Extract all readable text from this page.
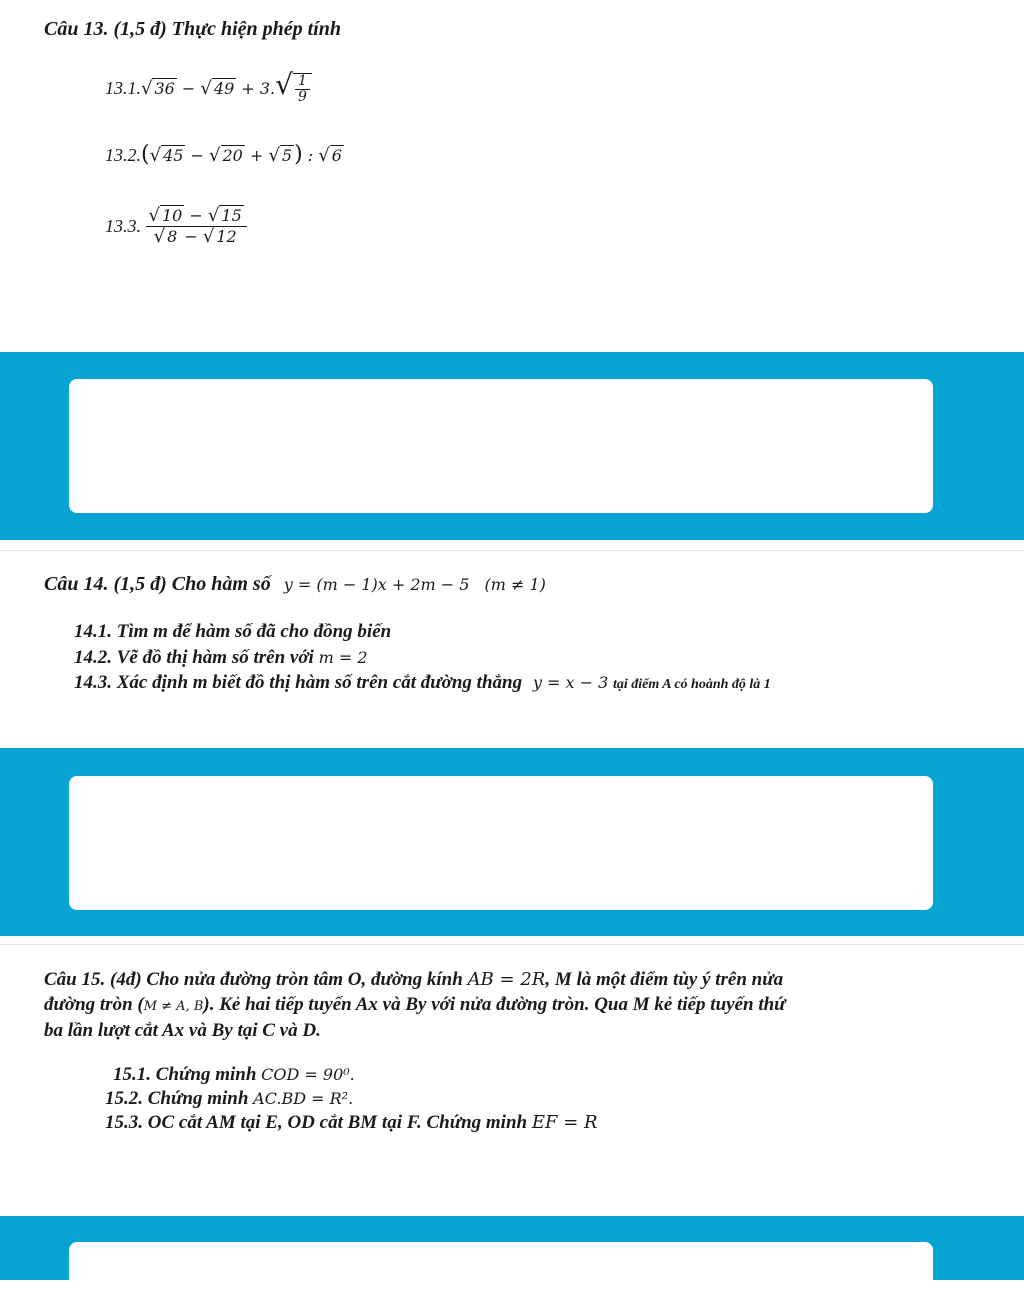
Câu 13. (1,5 đ) Thực hiện phép tính
13.1.√ 36 − √ $49 + 3.√ \frac{1}{9}$
13.2.(√ 45 − √ 20 + √ 5) : √ 6
13.3. $\frac{√ 10 - √ 15}{√ 8 - √ 12}$
Câu 14. (1,5 đ) Cho hàm số y = (m − 1)x + 2m − 5 (m ≠ 1)
14.1. Tìm m để hàm số đã cho đồng biến
14.2. Vẽ đồ thị hàm số trên với m = 2
14.3. Xác định m biết đồ thị hàm số trên cắt đường thẳng y = x − 3 tại điểm A có hoành độ là 1
Câu 15. (4đ) Cho nửa đường tròn tâm O, đường kính AB = 2R, M là một điểm tùy ý trên nửa
đường tròn (M ≠ A, B). Kẻ hai tiếp tuyến Ax và By với nửa đường tròn. Qua M kẻ tiếp tuyến thứ
ba lần lượt cắt Ax và By tại C và D.
15.1. Chứng minh COD = 90⁰.
15.2. Chứng minh AC.BD = R².
15.3. OC cắt AM tại E, OD cắt BM tại F. Chứng minh EF = R
